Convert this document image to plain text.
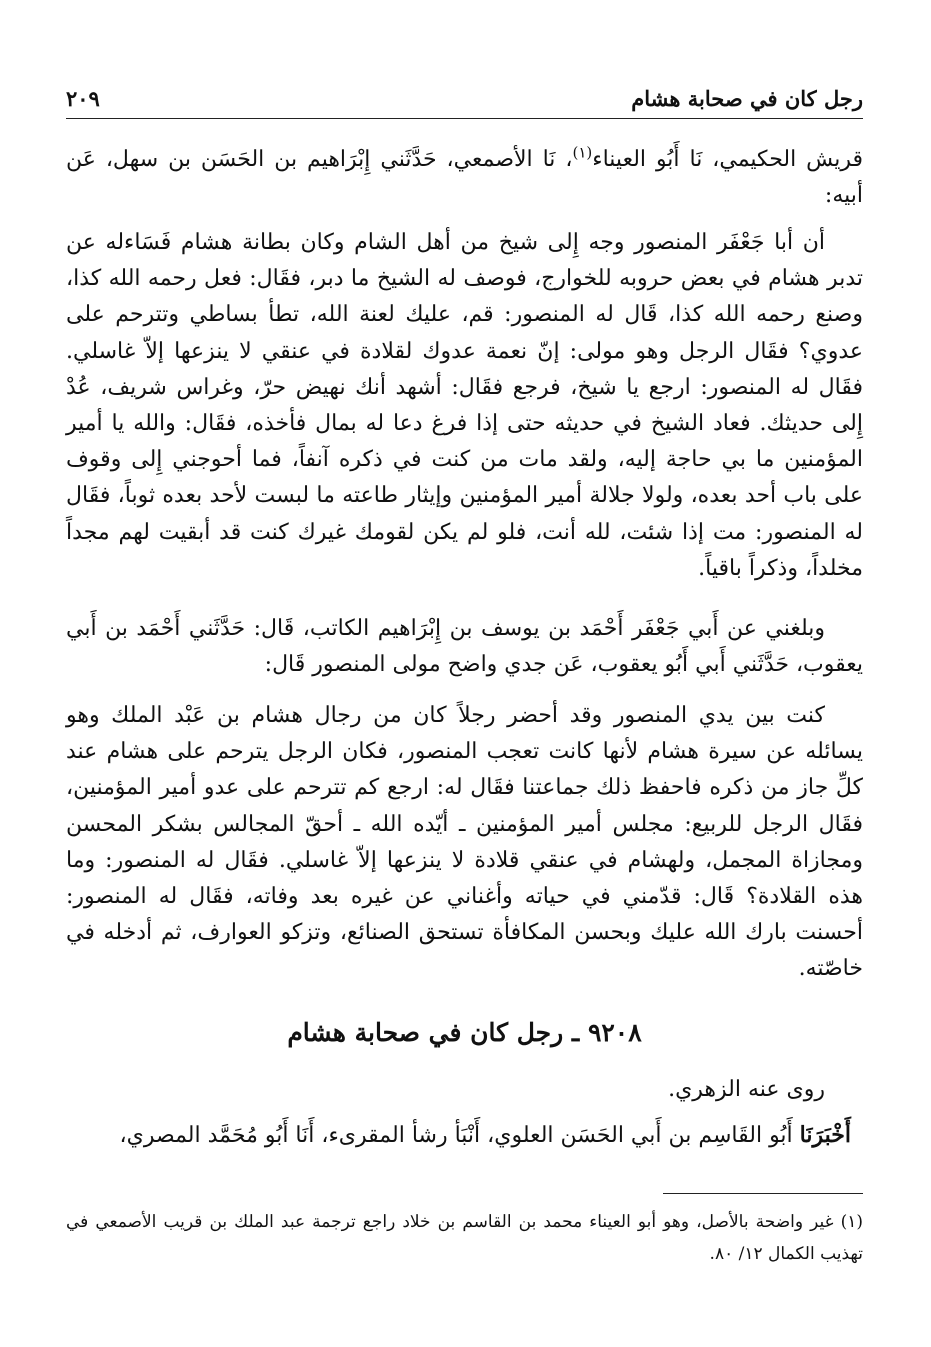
رجل كان في صحابة هشام
٢٠٩

قريش الحكيمي، نَا أَبُو العيناء$^{(١)}$، نَا الأصمعي، حَدَّثَني إِبْرَاهيم بن الحَسَن بن سهل، عَن أبيه:

أن أبا جَعْفَر المنصور وجه إِلى شيخ من أهل الشام وكان بطانة هشام فَسَاءله عن تدبر هشام في بعض حروبه للخوارج، فوصف له الشيخ ما دبر، فقَال: فعل رحمه الله كذا، وصنع رحمه الله كذا، قَال له المنصور: قم، عليك لعنة الله، تطأ بساطي وتترحم على عدوي؟ فقَال الرجل وهو مولى: إنّ نعمة عدوك لقلادة في عنقي لا ينزعها إلاّ غاسلي. فقَال له المنصور: ارجع يا شيخ، فرجع فقَال: أشهد أنك نهيض حرّ، وغراس شريف، عُدْ إِلى حديثك. فعاد الشيخ في حديثه حتى إذا فرغ دعا له بمال فأخذه، فقَال: والله يا أمير المؤمنين ما بي حاجة إليه، ولقد مات من كنت في ذكره آنفاً، فما أحوجني إِلى وقوف على باب أحد بعده، ولولا جلالة أمير المؤمنين وإيثار طاعته ما لبست لأحد بعده ثوباً، فقَال له المنصور: مت إذا شئت، لله أنت، فلو لم يكن لقومك غيرك كنت قد أبقيت لهم مجداً مخلداً، وذكراً باقياً.

وبلغني عن أَبي جَعْفَر أَحْمَد بن يوسف بن إِبْرَاهيم الكاتب، قَال: حَدَّثَني أَحْمَد بن أَبي يعقوب، حَدَّثَني أَبي أَبُو يعقوب، عَن جدي واضح مولى المنصور قَال:

كنت بين يدي المنصور وقد أحضر رجلاً كان من رجال هشام بن عَبْد الملك وهو يسائله عن سيرة هشام لأنها كانت تعجب المنصور، فكان الرجل يترحم على هشام عند كلِّ جاز من ذكره فاحفظ ذلك جماعتنا فقَال له: ارجع كم تترحم على عدو أمير المؤمنين، فقَال الرجل للربيع: مجلس أمير المؤمنين ـ أيّده الله ـ أحقّ المجالس بشكر المحسن ومجازاة المجمل، ولهشام في عنقي قلادة لا ينزعها إلاّ غاسلي. فقَال له المنصور: وما هذه القلادة؟ قَال: قدّمني في حياته وأغناني عن غيره بعد وفاته، فقَال له المنصور: أحسنت بارك الله عليك وبحسن المكافأة تستحق الصنائع، وتزكو العوارف، ثم أدخله في خاصّته.

٩٢٠٨ ـ رجل كان في صحابة هشام

روى عنه الزهري.

أَخْبَرَنَا أَبُو القَاسِم بن أَبي الحَسَن العلوي، أَنْبَأ رشأ المقرىء، أَنَا أَبُو مُحَمَّد المصري،

(١) غير واضحة بالأصل، وهو أبو العيناء محمد بن القاسم بن خلاد راجع ترجمة عبد الملك بن قريب الأصمعي في تهذيب الكمال ١٢/ ٨٠.
